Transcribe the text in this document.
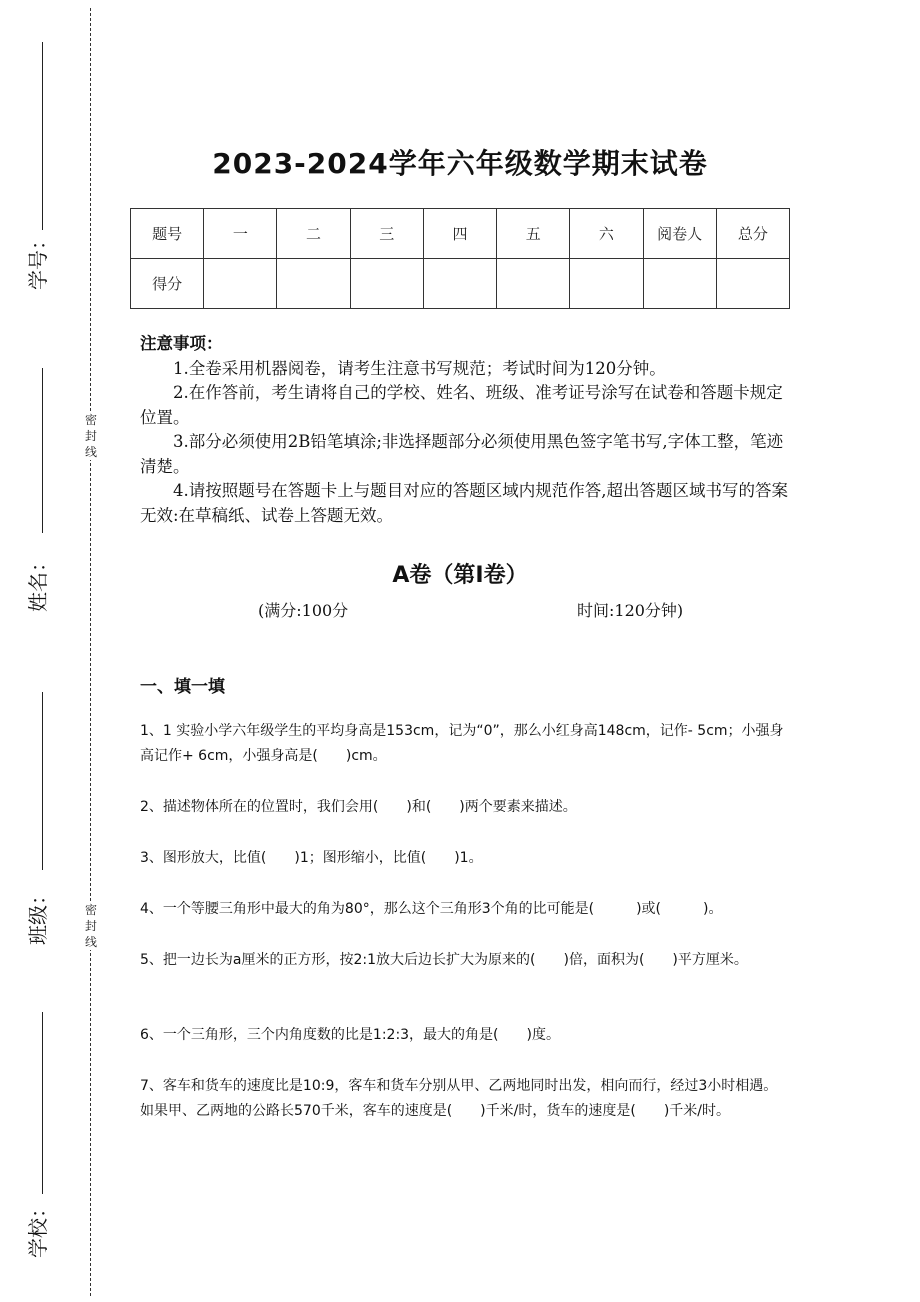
密
封
线
密
封
线
学号：
姓名：
班级：
学校：
2023-2024学年六年级数学期末试卷
题号	一	二	三	四	五	六	阅卷人	总分
得分								
注意事项：

1.全卷采用机器阅卷，请考生注意书写规范；考试时间为120分钟。

2.在作答前，考生请将自己的学校、姓名、班级、准考证号涂写在试卷和答题卡规定位置。

3.部分必须使用2B铅笔填涂;非选择题部分必须使用黑色签字笔书写,字体工整，笔迹清楚。

4.请按照题号在答题卡上与题目对应的答题区域内规范作答,超出答题区域书写的答案无效:在草稿纸、试卷上答题无效。

A卷（第I卷）
(满分:100分	时间:120分钟)
一、填一填
1、1 实验小学六年级学生的平均身高是153cm，记为“0”，那么小红身高148cm，记作- 5cm；小强身高记作+ 6cm，小强身高是(　　)cm。
2、描述物体所在的位置时，我们会用(　　)和(　　)两个要素来描述。
3、图形放大，比值(　　)1；图形缩小，比值(　　)1。
4、一个等腰三角形中最大的角为80°，那么这个三角形3个角的比可能是(　　　)或(　　　)。
5、把一边长为a厘米的正方形，按2:1放大后边长扩大为原来的(　　)倍，面积为(　　)平方厘米。
6、一个三角形，三个内角度数的比是1:2:3，最大的角是(　　)度。
7、客车和货车的速度比是10:9，客车和货车分别从甲、乙两地同时出发，相向而行，经过3小时相遇。如果甲、乙两地的公路长570千米，客车的速度是(　　)千米/时，货车的速度是(　　)千米/时。
